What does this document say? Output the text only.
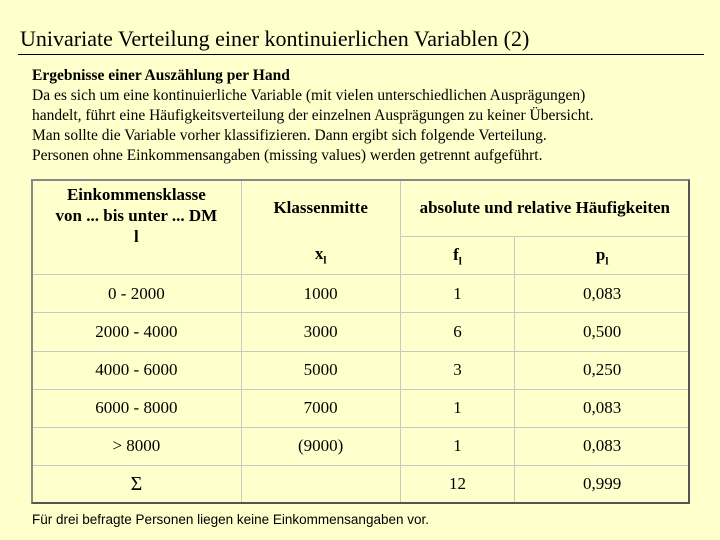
Univariate Verteilung einer kontinuierlichen Variablen (2)
Ergebnisse einer Auszählung per Hand
Da es sich um eine kontinuierliche Variable (mit vielen unterschiedlichen Ausprägungen)
handelt, führt eine Häufigkeitsverteilung der einzelnen Ausprägungen zu keiner Übersicht.
Man sollte die Variable vorher klassifizieren. Dann ergibt sich folgende Verteilung.
Personen ohne Einkommensangaben (missing values) werden getrennt aufgeführt.
Einkommensklasse
von ... bis unter ... DM
l	Klassenmitte	absolute und relative Häufigkeiten	
	$x_l$	$f_l$	$p_l$
0 - 2000	1000	1	0,083
2000 - 4000	3000	6	0,500
4000 - 6000	5000	3	0,250
6000 - 8000	7000	1	0,083
> 8000	(9000)	1	0,083
Σ		12	0,999
Für drei befragte Personen liegen keine Einkommensangaben vor.
